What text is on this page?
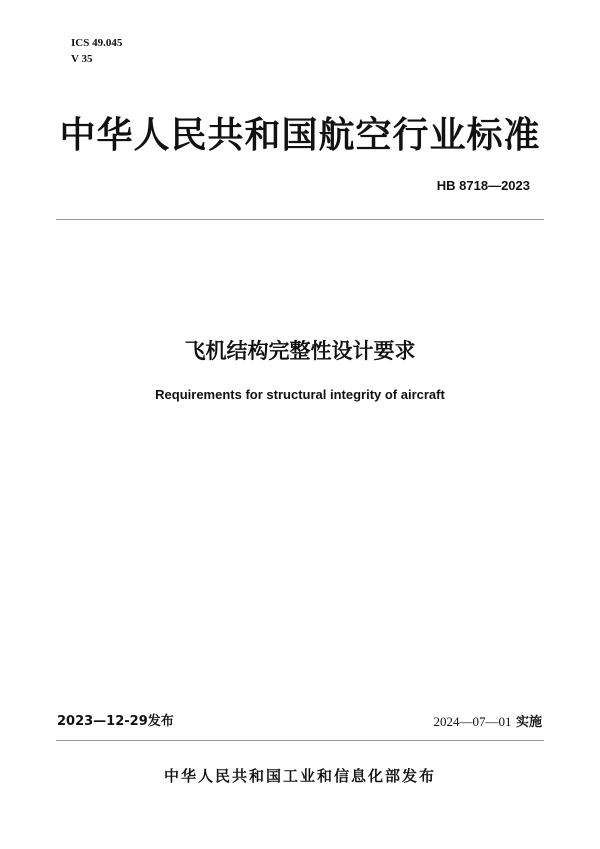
ICS 49.045
V 35
中华人民共和国航空行业标准
HB 8718—2023
飞机结构完整性设计要求
Requirements for structural integrity of aircraft
2023—12-29发布	2024—07—01 实施
中华人民共和国工业和信息化部发布
